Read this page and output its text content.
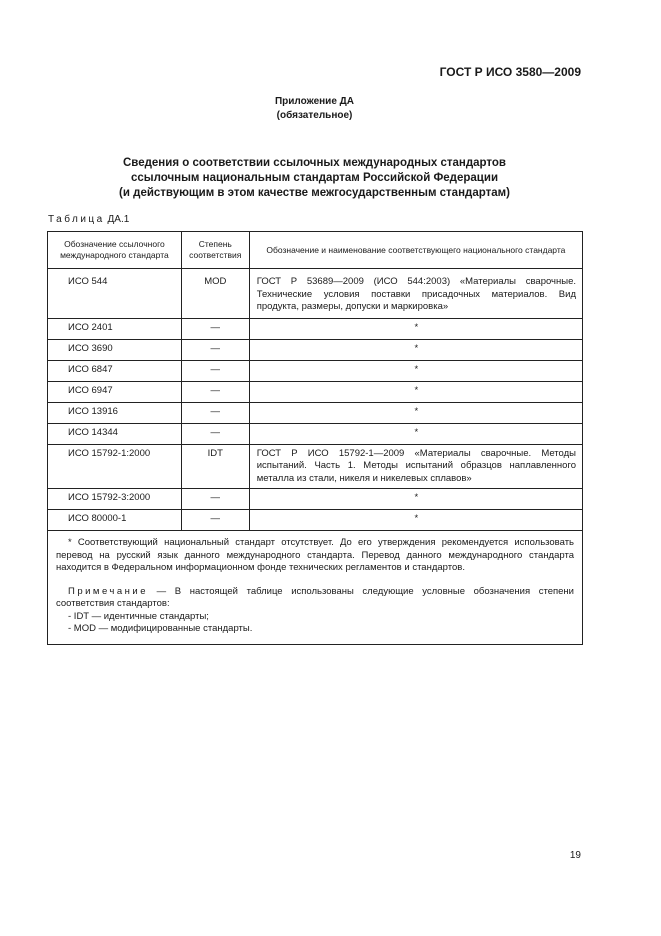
ГОСТ Р ИСО 3580—2009
Приложение ДА
(обязательное)
Сведения о соответствии ссылочных международных стандартов
ссылочным национальным стандартам Российской Федерации
(и действующим в этом качестве межгосударственным стандартам)
Таблица ДА.1
Обозначение ссылочного международного стандарта	Степень соответствия	Обозначение и наименование соответствующего национального стандарта
ИСО 544	MOD	ГОСТ Р 53689—2009 (ИСО 544:2003) «Материалы сварочные. Технические условия поставки присадочных материалов. Вид продукта, размеры, допуски и маркировка»
ИСО 2401	—	*
ИСО 3690	—	*
ИСО 6847	—	*
ИСО 6947	—	*
ИСО 13916	—	*
ИСО 14344	—	*
ИСО 15792-1:2000	IDT	ГОСТ Р ИСО 15792-1—2009 «Материалы сварочные. Методы испытаний. Часть 1. Методы испытаний образцов наплавленного металла из стали, никеля и никелевых сплавов»
ИСО 15792-3:2000	—	*
ИСО 80000-1	—	*

* Соответствующий национальный стандарт отсутствует. До его утверждения рекомендуется использовать перевод на русский язык данного международного стандарта. Перевод данного международного стандарта находится в Федеральном информационном фонде технических регламентов и стандартов.

Примечание — В настоящей таблице использованы следующие условные обозначения степени соответствия стандартов:

- IDT — идентичные стандарты;

- MOD — модифицированные стандарты.		

19
